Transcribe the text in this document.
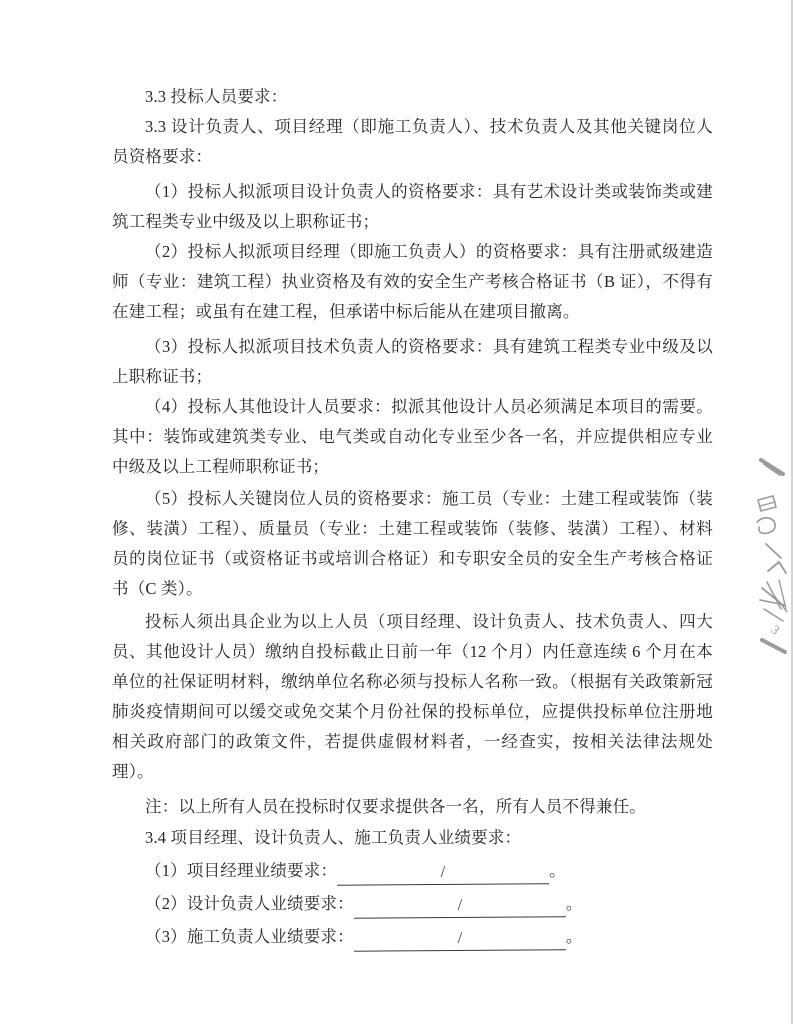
3.3 投标人员要求：

3.3 设计负责人、项目经理（即施工负责人）、技术负责人及其他关键岗位人员资格要求：

（1）投标人拟派项目设计负责人的资格要求：具有艺术设计类或装饰类或建筑工程类专业中级及以上职称证书；

（2）投标人拟派项目经理（即施工负责人）的资格要求：具有注册贰级建造师（专业：建筑工程）执业资格及有效的安全生产考核合格证书（B 证），不得有在建工程；或虽有在建工程，但承诺中标后能从在建项目撤离。

（3）投标人拟派项目技术负责人的资格要求：具有建筑工程类专业中级及以上职称证书；

（4）投标人其他设计人员要求：拟派其他设计人员必须满足本项目的需要。其中：装饰或建筑类专业、电气类或自动化专业至少各一名，并应提供相应专业中级及以上工程师职称证书；

（5）投标人关键岗位人员的资格要求：施工员（专业：土建工程或装饰（装修、装潢）工程）、质量员（专业：土建工程或装饰（装修、装潢）工程）、材料员的岗位证书（或资格证书或培训合格证）和专职安全员的安全生产考核合格证书（C 类）。

投标人须出具企业为以上人员（项目经理、设计负责人、技术负责人、四大员、其他设计人员）缴纳自投标截止日前一年（12 个月）内任意连续 6 个月在本单位的社保证明材料，缴纳单位名称必须与投标人名称一致。（根据有关政策新冠肺炎疫情期间可以缓交或免交某个月份社保的投标单位，应提供投标单位注册地相关政府部门的政策文件，若提供虚假材料者，一经查实，按相关法律法规处理）。

注：以上所有人员在投标时仅要求提供各一名，所有人员不得兼任。

3.4 项目经理、设计负责人、施工负责人业绩要求：

（1）项目经理业绩要求：	/	。
（2）设计负责人业绩要求：	/	。
（3）施工负责人业绩要求：	/	。
3
